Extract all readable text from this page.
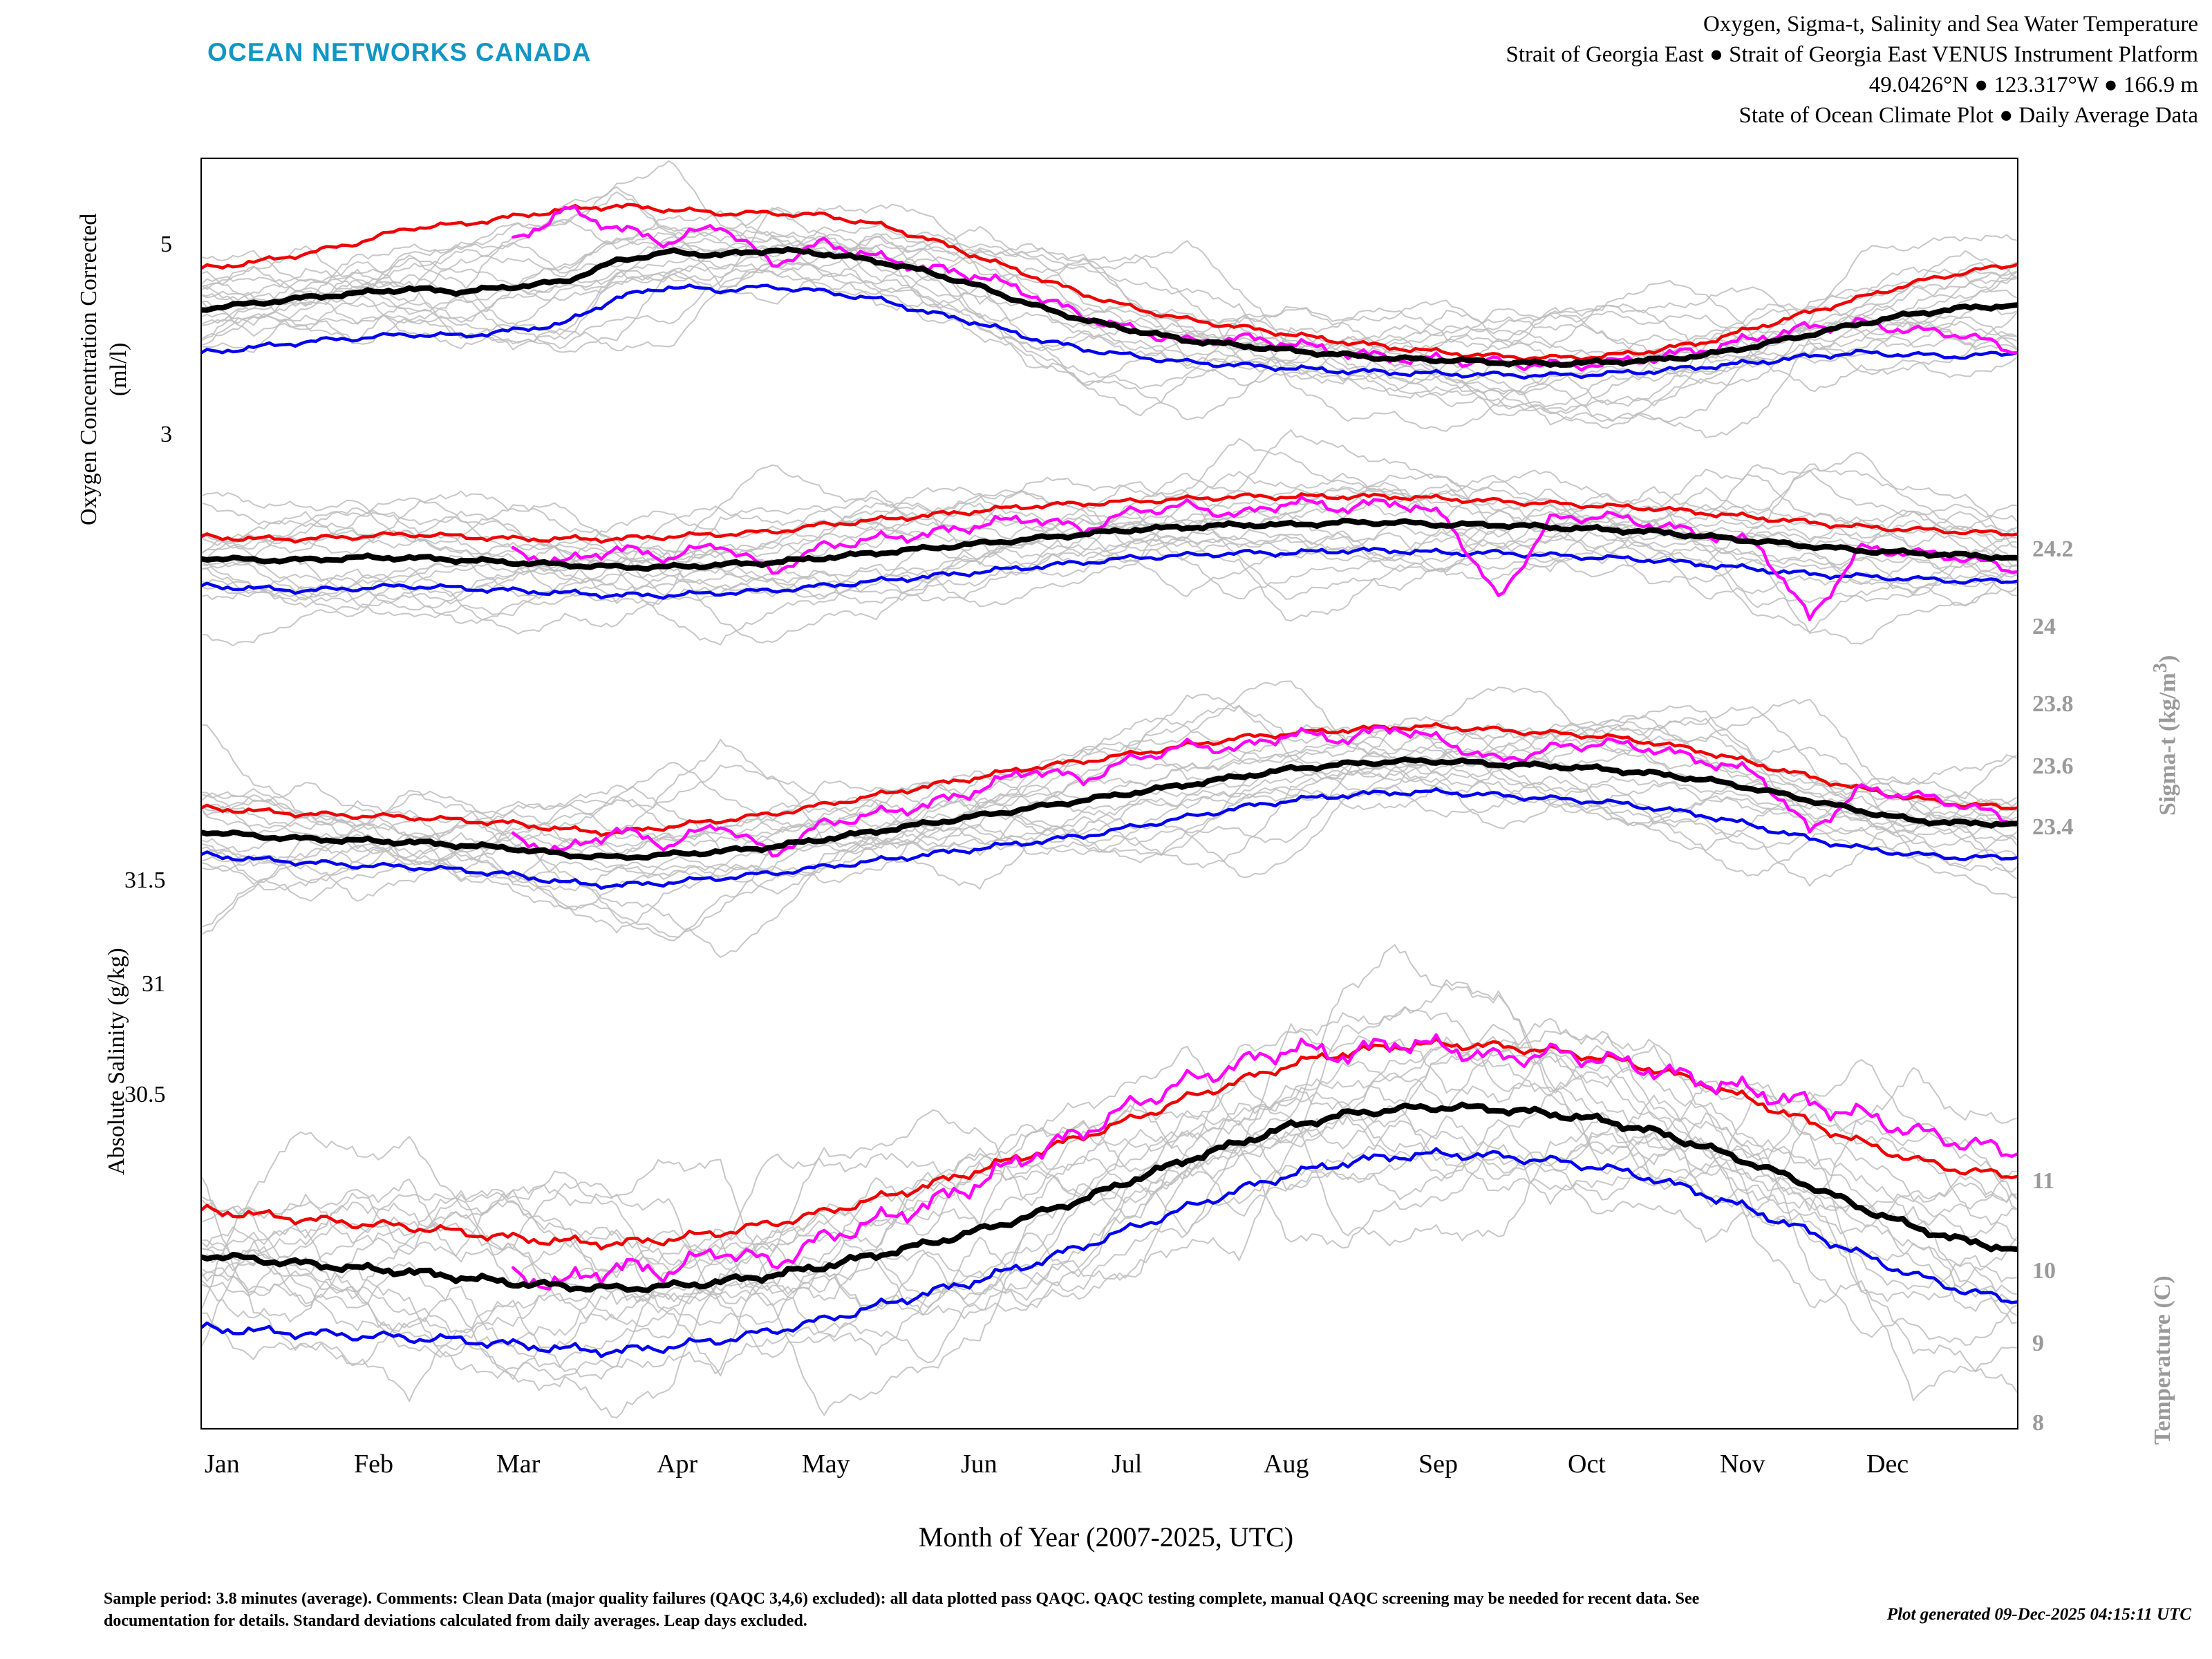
OCEAN NETWORKS CANADA
Oxygen, Sigma-t, Salinity and Sea Water Temperature
Strait of Georgia East ● Strait of Georgia East VENUS Instrument Platform
49.0426°N ● 123.317°W ● 166.9 m
State of Ocean Climate Plot ● Daily Average Data
Oxygen Concentration Corrected (ml/l)
Absolute Salinity (g/kg)
Sigma-t $(kg/m^3)$
Temperature (C)
5
3
31.5
31
30.5
24.2
24
23.8
23.6
23.4
11
10
9
8
Jan	Feb	Mar	Apr	May	Jun	Jul	Aug	Sep	Oct	Nov	Dec
Month of Year (2007-2025, UTC)
Sample period: 3.8 minutes (average). Comments: Clean Data (major quality failures (QAQC 3,4,6) excluded): all data plotted pass QAQC. QAQC testing complete, manual QAQC screening may be needed for recent data. See documentation for details. Standard deviations calculated from daily averages. Leap days excluded.	Plot generated 09-Dec-2025 04:15:11 UTC
